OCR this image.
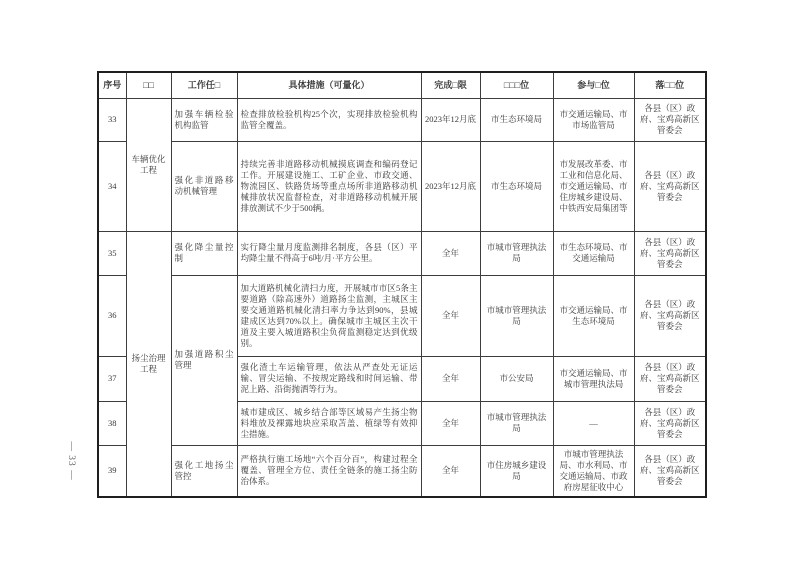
— 33 —
序号	□□	工作任□	具体措施（可量化）	完成□限	□□□位	参与□位	落□□位
33	车辆优化工程	加强车辆检验机构监管	检查排放检验机构25个次，实现排放检验机构监管全覆盖。	2023年12月底	市生态环境局	市交通运输局、市市场监管局	各县（区）政府、宝鸡高新区管委会
34		强化非道路移动机械管理	持续完善非道路移动机械摸底调查和编码登记工作。开展建设施工、工矿企业、市政交通、物流园区、铁路货场等重点场所非道路移动机械排放状况监督检查，对非道路移动机械开展排放测试不少于500辆。	2023年12月底	市生态环境局	市发展改革委、市工业和信息化局、市交通运输局、市住房城乡建设局、中铁西安局集团等	各县（区）政府、宝鸡高新区管委会
35	扬尘治理工程	强化降尘量控制	实行降尘量月度监测排名制度，各县（区）平均降尘量不得高于6吨/月·平方公里。	全年	市城市管理执法局	市生态环境局、市交通运输局	各县（区）政府、宝鸡高新区管委会
36		加强道路积尘管理	加大道路机械化清扫力度，开展城市市区5条主要道路（除高速外）道路扬尘监测，主城区主要交通道路机械化清扫率力争达到90%，县城建成区达到70%以上。确保城市主城区主次干道及主要入城道路积尘负荷监测稳定达到优级别。	全年	市城市管理执法局	市交通运输局、市生态环境局	各县（区）政府、宝鸡高新区管委会
37			强化渣土车运输管理，依法从严查处无证运输、冒尖运输、不按规定路线和时间运输、带泥上路、沿街抛洒等行为。	全年	市公安局	市交通运输局、市城市管理执法局	各县（区）政府、宝鸡高新区管委会
38			城市建成区、城乡结合部等区域易产生扬尘物料堆放及裸露地块应采取苫盖、植绿等有效抑尘措施。	全年	市城市管理执法局	—	各县（区）政府、宝鸡高新区管委会
39		强化工地扬尘管控	严格执行施工场地“六个百分百”，构建过程全覆盖、管理全方位、责任全链条的施工扬尘防治体系。	全年	市住房城乡建设局	市城市管理执法局、市水利局、市交通运输局、市政府房屋征收中心	各县（区）政府、宝鸡高新区管委会
